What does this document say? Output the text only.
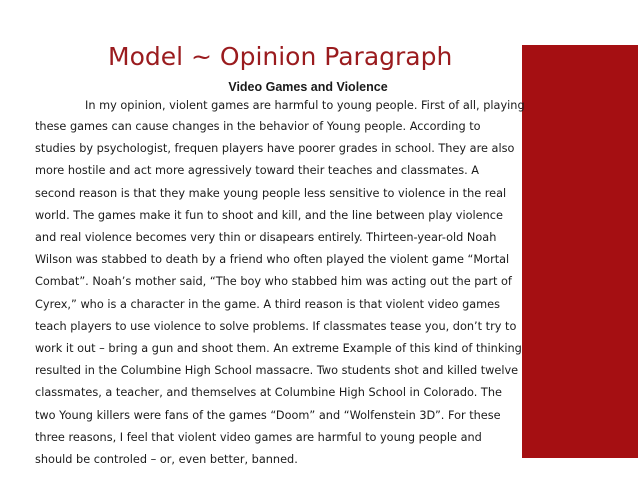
Model ~ Opinion Paragraph

Video Games and Violence

In my opinion, violent games are harmful to young people. First of all, playing
these games can cause changes in the behavior of Young people. According to
studies by psychologist, frequen players have poorer grades in school. They are also
more hostile and act more agressively toward their teaches and classmates. A
second reason is that they make young people less sensitive to violence in the real
world. The games make it fun to shoot and kill, and the line between play violence
and real violence becomes very thin or disapears entirely. Thirteen-year-old Noah
Wilson was stabbed to death by a friend who often played the violent game “Mortal
Combat”. Noah’s mother said, “The boy who stabbed him was acting out the part of
Cyrex,” who is a character in the game. A third reason is that violent video games
teach players to use violence to solve problems. If classmates tease you, don’t try to
work it out – bring a gun and shoot them. An extreme Example of this kind of thinking
resulted in the Columbine High School massacre. Two students shot and killed twelve
classmates, a teacher, and themselves at Columbine High School in Colorado. The
two Young killers were fans of the games “Doom” and “Wolfenstein 3D”. For these
three reasons, I feel that violent video games are harmful to young people and
should be controled – or, even better, banned.
